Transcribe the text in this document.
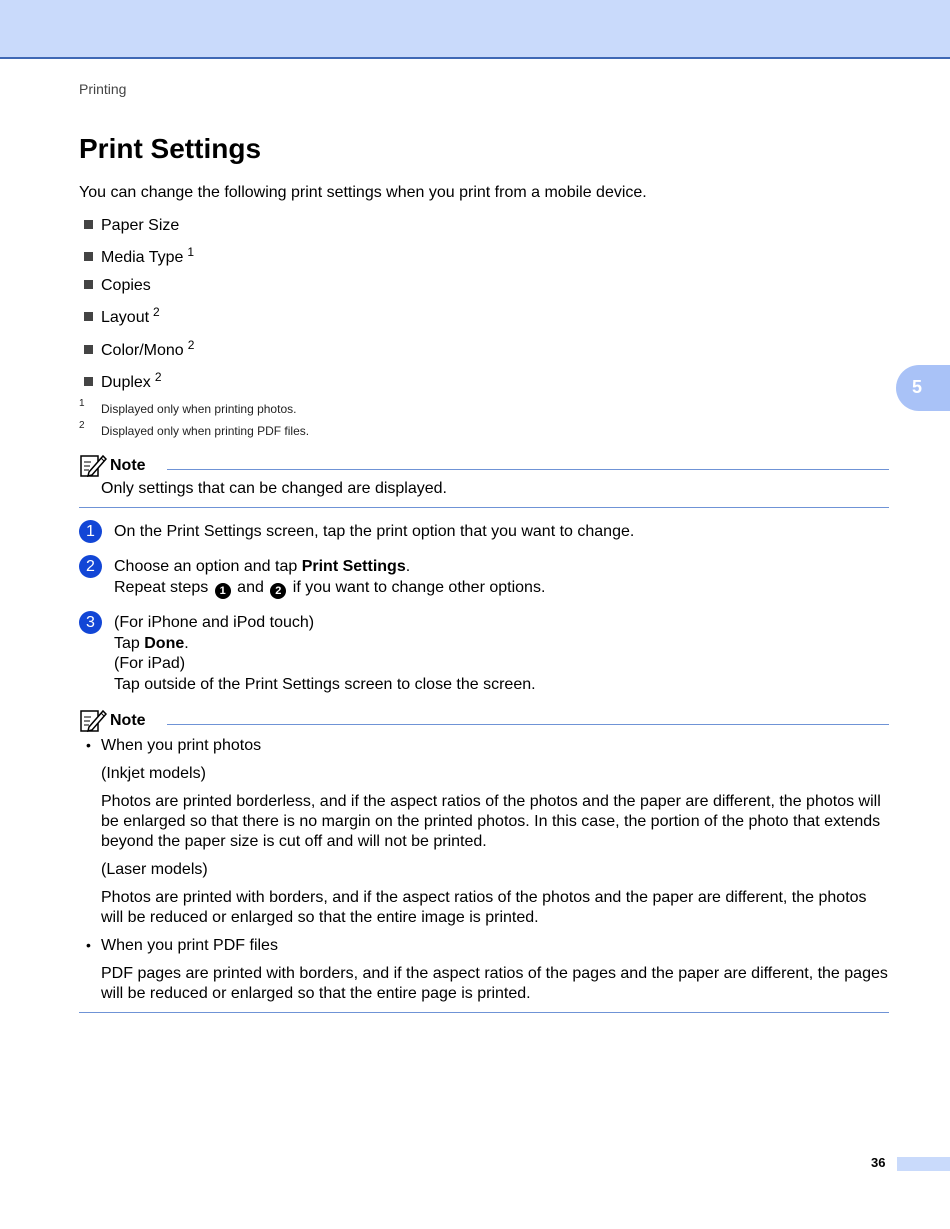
Printing
Print Settings
You can change the following print settings when you print from a mobile device.
Paper Size
Media Type $^1$
Copies
Layout $^2$
Color/Mono $^2$
Duplex $^2$
1 Displayed only when printing photos.
2 Displayed only when printing PDF files.
Note
Only settings that can be changed are displayed.
1	On the Print Settings screen, tap the print option that you want to change.
2	Choose an option and tap Print Settings.
Repeat steps 1 and 2 if you want to change other options.
3	(For iPhone and iPod touch)
Tap Done.
(For iPad)
Tap outside of the Print Settings screen to close the screen.
Note
• When you print photos
(Inkjet models)
Photos are printed borderless, and if the aspect ratios of the photos and the paper are different, the photos will be enlarged so that there is no margin on the printed photos. In this case, the portion of the photo that extends beyond the paper size is cut off and will not be printed.
(Laser models)
Photos are printed with borders, and if the aspect ratios of the photos and the paper are different, the photos will be reduced or enlarged so that the entire image is printed.
• When you print PDF files
PDF pages are printed with borders, and if the aspect ratios of the pages and the paper are different, the pages will be reduced or enlarged so that the entire page is printed.
5
36
